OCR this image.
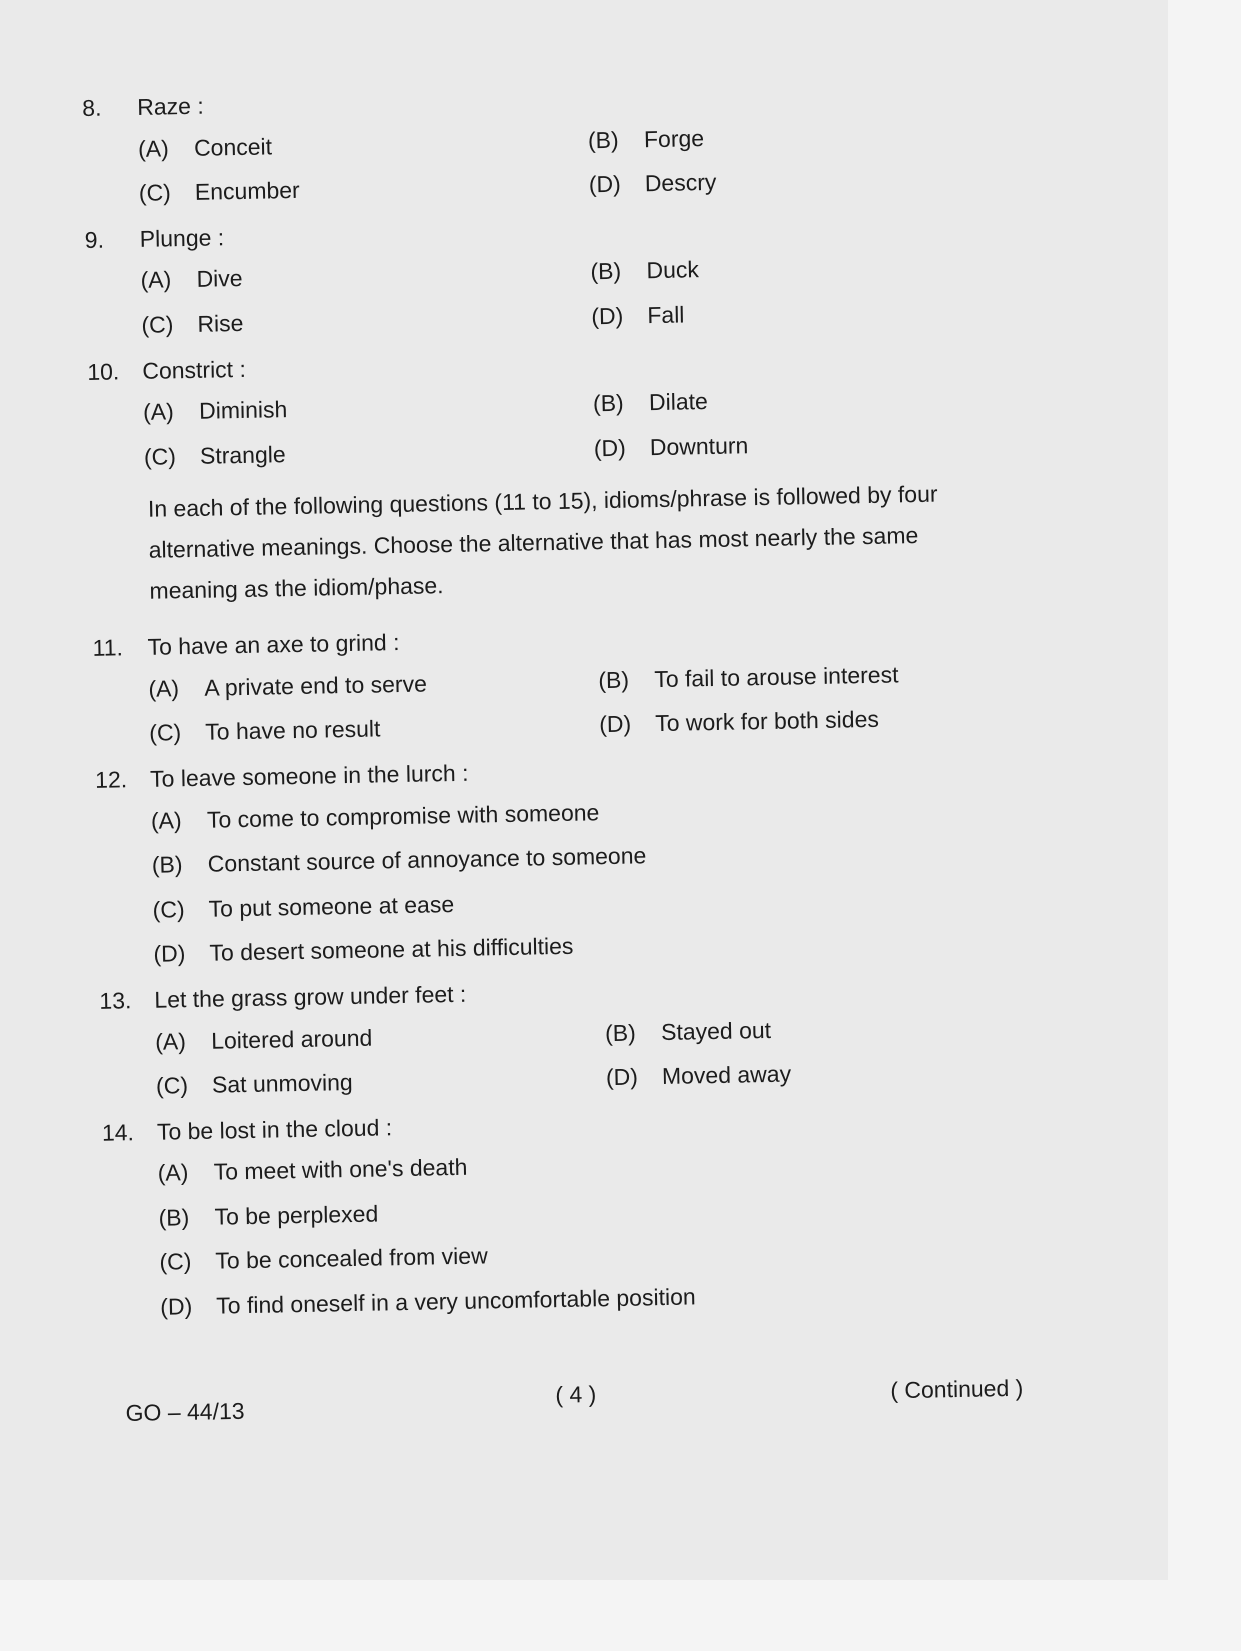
8.	Raze :
(A)	Conceit	(B)	Forge
(C)	Encumber	(D)	Descry
9.	Plunge :
(A)	Dive	(B)	Duck
(C)	Rise	(D)	Fall
10. Constrict :
(A)	Diminish	(B)	Dilate
(C)	Strangle	(D)	Downturn
In each of the following questions (11 to 15), idioms/phrase is followed by four alternative meanings. Choose the alternative that has most nearly the same meaning as the idiom/phase.
11.	To have an axe to grind :
(A)	A private end to serve	(B)	To fail to arouse interest
(C)	To have no result	(D)	To work for both sides
12. To leave someone in the lurch :
(A)	To come to compromise with someone
(B)	Constant source of annoyance to someone
(C)	To put someone at ease
(D)	To desert someone at his difficulties
13. Let the grass grow under feet :
(A)	Loitered around	(B)	Stayed out
(C)	Sat unmoving	(D)	Moved away
14. To be lost in the cloud :
(A)	To meet with one's death
(B)	To be perplexed
(C)	To be concealed from view
(D)	To find oneself in a very uncomfortable position
GO – 44/13
( 4 )	( Continued )
